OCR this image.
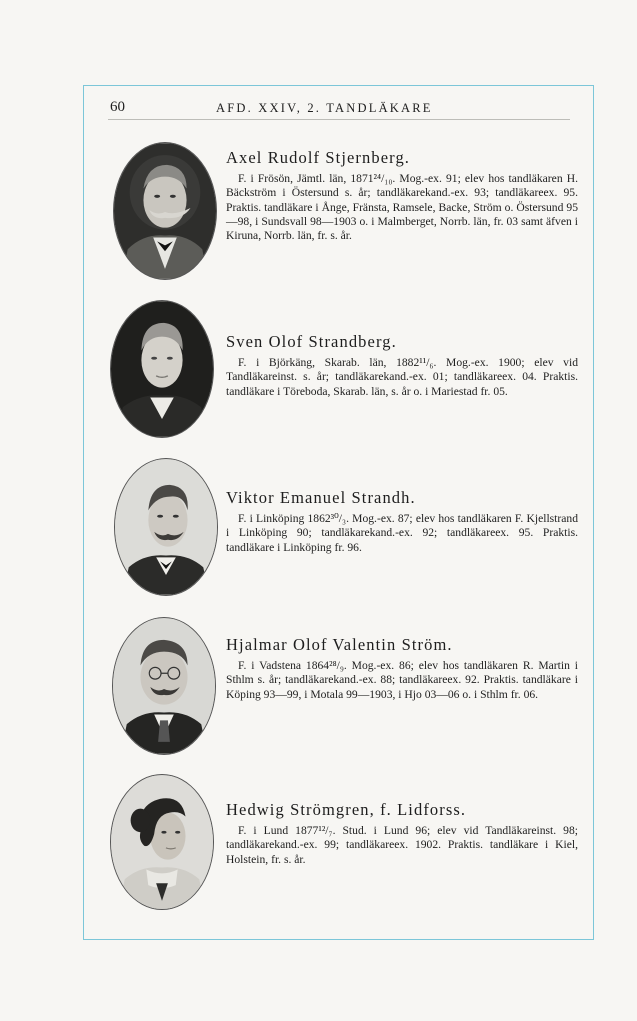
60	AFD. XXIV, 2. TANDLÄKARE
Axel Rudolf Stjernberg.

F. i Frösön, Jämtl. län, 1871²⁴/₁₀. Mog.-ex. 91; elev hos tandläkaren H. Bäckström i Östersund s. år; tandläkarekand.-ex. 93; tandläkareex. 95. Praktis. tandläkare i Ånge, Fränsta, Ramsele, Backe, Ström o. Östersund 95—98, i Sundsvall 98—1903 o. i Malmberget, Norrb. län, fr. 03 samt äfven i Kiruna, Norrb. län, fr. s. år.

Sven Olof Strandberg.

F. i Björkäng, Skarab. län, 1882¹¹/₆. Mog.-ex. 1900; elev vid Tandläkareinst. s. år; tandläkarekand.-ex. 01; tandläkareex. 04. Praktis. tandläkare i Töreboda, Skarab. län, s. år o. i Mariestad fr. 05.

Viktor Emanuel Strandh.

F. i Linköping 1862³⁰/₃. Mog.-ex. 87; elev hos tandläkaren F. Kjellstrand i Linköping 90; tandläkarekand.-ex. 92; tandläkareex. 95. Praktis. tandläkare i Linköping fr. 96.

Hjalmar Olof Valentin Ström.

F. i Vadstena 1864²⁸/₉. Mog.-ex. 86; elev hos tandläkaren R. Martin i Sthlm s. år; tandläkarekand.-ex. 88; tandläkareex. 92. Praktis. tandläkare i Köping 93—99, i Motala 99—1903, i Hjo 03—06 o. i Sthlm fr. 06.

Hedwig Strömgren, f. Lidforss.

F. i Lund 1877¹²/₇. Stud. i Lund 96; elev vid Tandläkareinst. 98; tandläkarekand.-ex. 99; tandläkareex. 1902. Praktis. tandläkare i Kiel, Holstein, fr. s. år.
